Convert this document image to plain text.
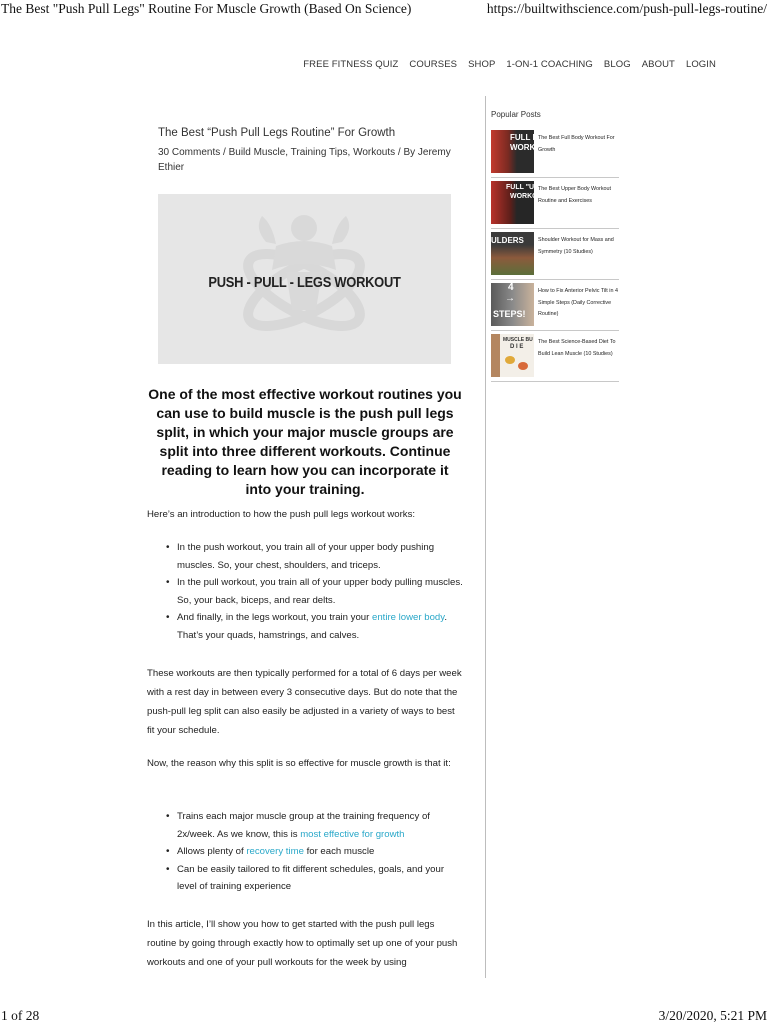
The Best "Push Pull Legs" Routine For Muscle Growth (Based On Science)	https://builtwithscience.com/push-pull-legs-routine/
FREE FITNESS QUIZ COURSES SHOP 1-ON-1 COACHING BLOG ABOUT LOGIN
The Best “Push Pull Legs Routine” For Growth
30 Comments / Build Muscle, Training Tips, Workouts / By Jeremy Ethier
PUSH - PULL - LEGS WORKOUT
One of the most effective workout routines you can use to build muscle is the push pull legs split, in which your major muscle groups are split into three different workouts. Continue reading to learn how you can incorporate it into your training.
Here’s an introduction to how the push pull legs workout works:
• In the push workout, you train all of your upper body pushing muscles. So, your chest, shoulders, and triceps.
• In the pull workout, you train all of your upper body pulling muscles. So, your back, biceps, and rear delts.
• And finally, in the legs workout, you train your entire lower body. That’s your quads, hamstrings, and calves.
These workouts are then typically performed for a total of 6 days per week with a rest day in between every 3 consecutive days. But do note that the push-pull leg split can also easily be adjusted in a variety of ways to best fit your schedule.
Now, the reason why this split is so effective for muscle growth is that it:
• Trains each major muscle group at the training frequency of 2x/week. As we know, this is most effective for growth
• Allows plenty of recovery time for each muscle
• Can be easily tailored to fit different schedules, goals, and your level of training experience
In this article, I’ll show you how to get started with the push pull legs routine by going through exactly how to optimally set up one of your push workouts and one of your pull workouts for the week by using
Popular Posts
FULL B
WORK
The Best Full Body Workout For Growth
FULL "UP
WORKO
The Best Upper Body Workout Routine and Exercises
ULDERS	Shoulder Workout for Mass and Symmetry (10 Studies)
4
→
STEPS!
How to Fix Anterior Pelvic Tilt in 4 Simple Steps (Daily Corrective Routine)
MUSCLE BU
D I E
The Best Science-Based Diet To Build Lean Muscle (10 Studies)
1 of 28	3/20/2020, 5:21 PM
